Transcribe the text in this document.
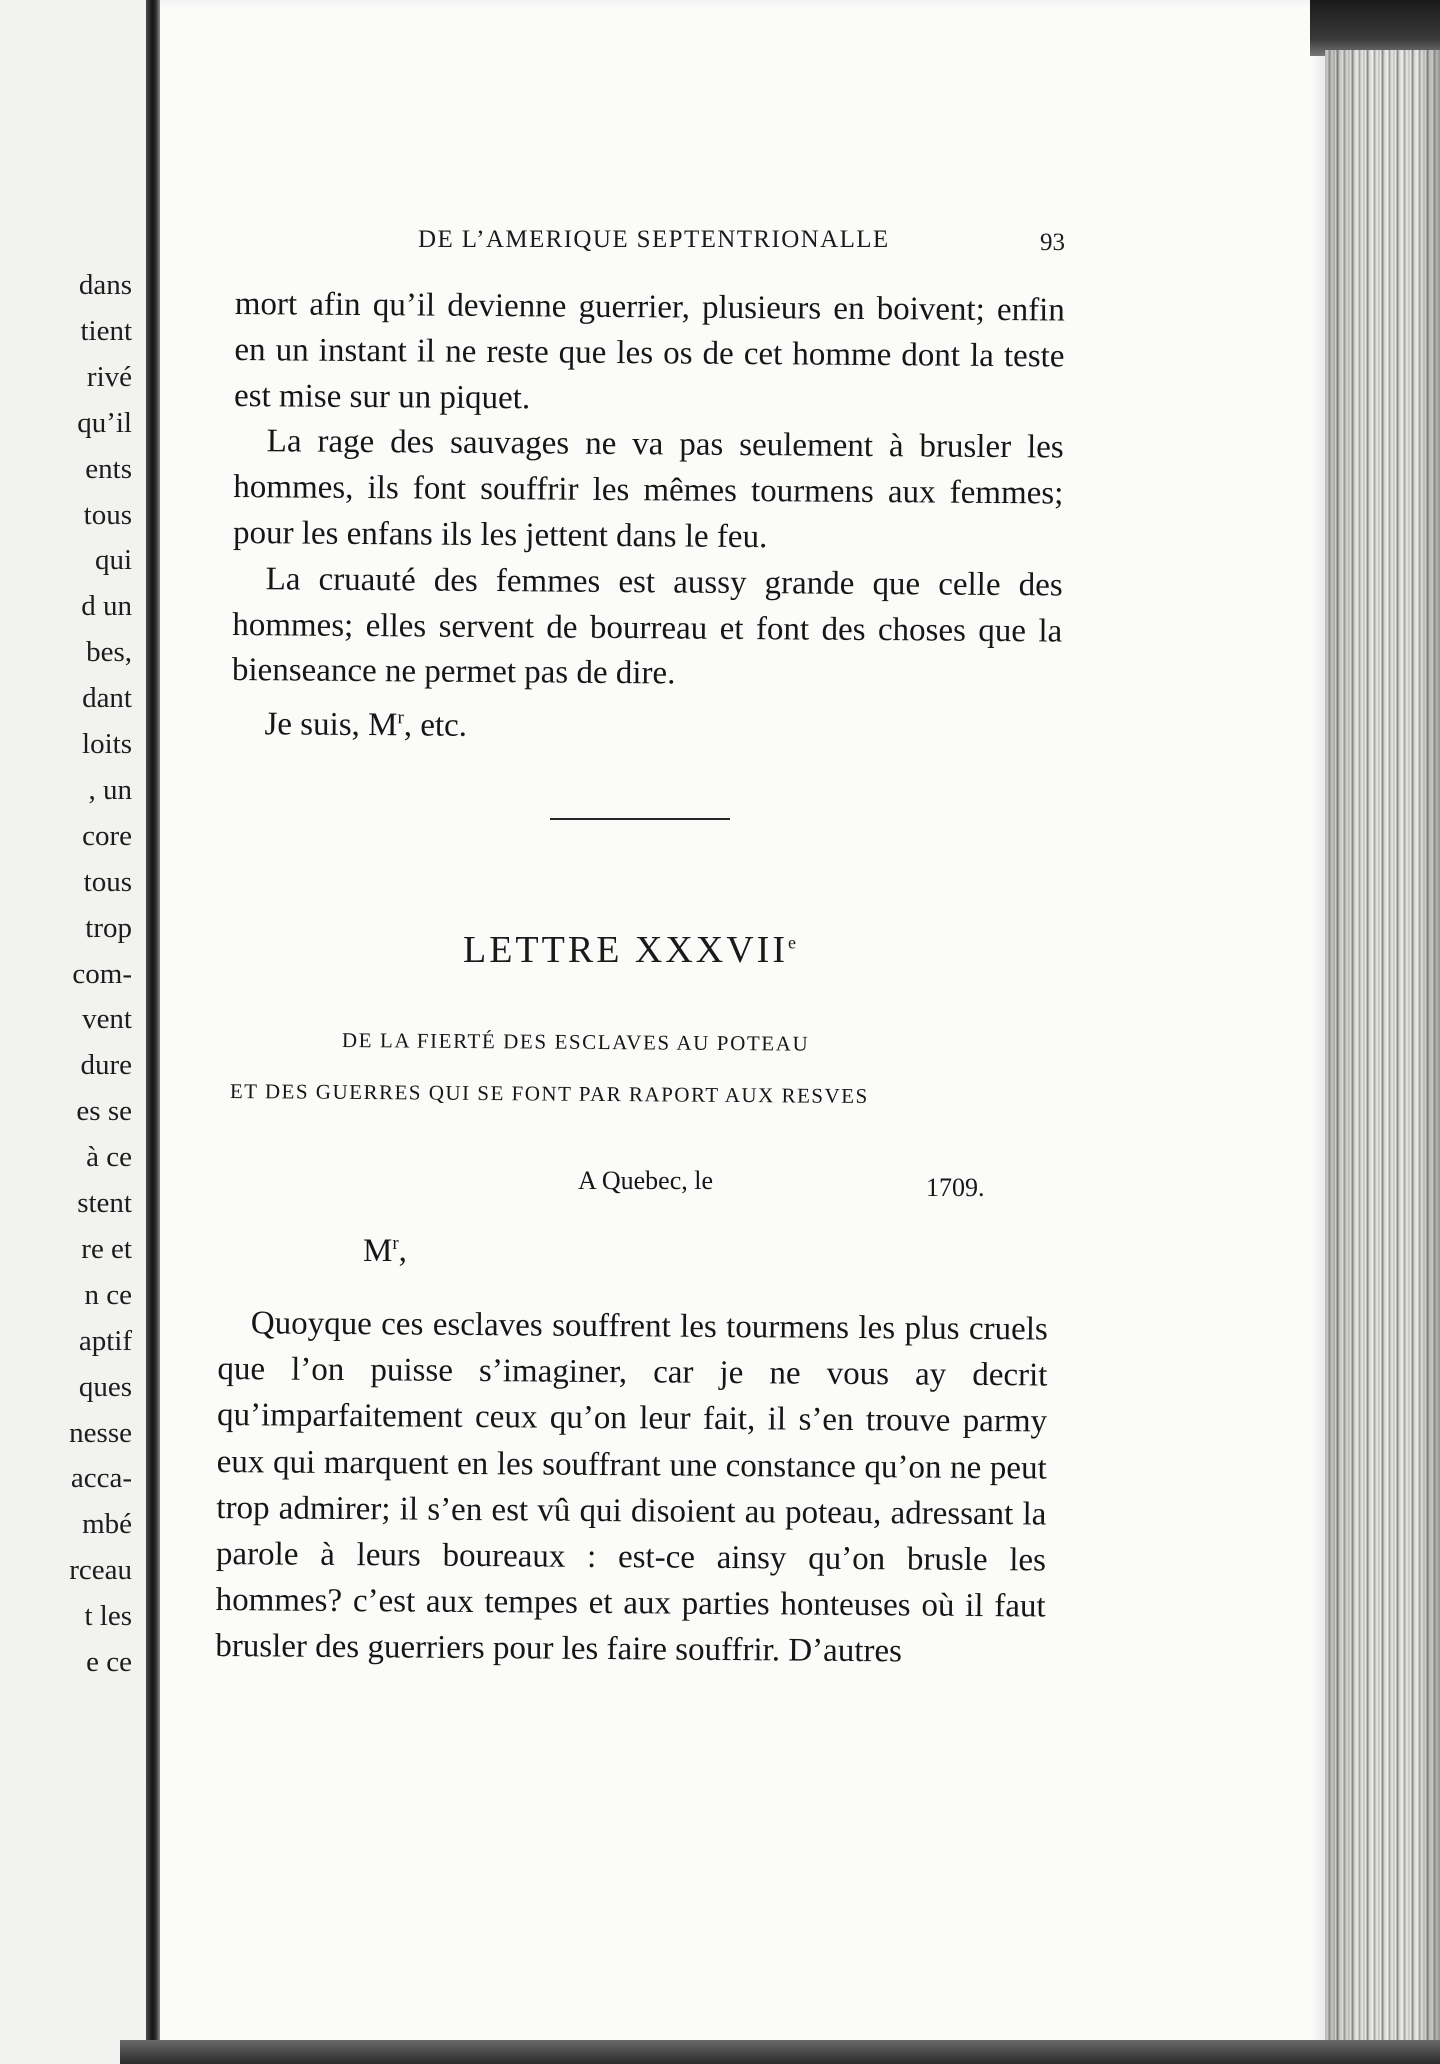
dans
tient
rivé
qu’il
ents
tous
qui
d un
bes,
dant
loits
, un
core
tous
trop
com-
vent
dure
es se
à ce
stent
re et
n ce
aptif
ques
nesse
acca-
mbé
rceau
t les
e ce
DE L’AMERIQUE SEPTENTRIONALLE	93

mort afin qu’il devienne guerrier, plusieurs en boivent; enfin en un instant il ne reste que les os de cet homme dont la teste est mise sur un piquet.

La rage des sauvages ne va pas seulement à brusler les hommes, ils font souffrir les mêmes tourmens aux femmes; pour les enfans ils les jettent dans le feu.

La cruauté des femmes est aussy grande que celle des hommes; elles servent de bourreau et font des choses que la bienseance ne permet pas de dire.

Je suis, $M^r$, etc.

LETTRE XXXVIIe
DE LA FIERTÉ DES ESCLAVES AU POTEAU
ET DES GUERRES QUI SE FONT PAR RAPORT AUX RESVES
A Quebec, le	1709.
$M^r$,

Quoyque ces esclaves souffrent les tourmens les plus cruels que l’on puisse s’imaginer, car je ne vous ay decrit qu’imparfaitement ceux qu’on leur fait, il s’en trouve parmy eux qui marquent en les souffrant une constance qu’on ne peut trop admirer; il s’en est vû qui disoient au poteau, adressant la parole à leurs boureaux : est-ce ainsy qu’on brusle les hommes? c’est aux tempes et aux parties honteuses où il faut brusler des guerriers pour les faire souffrir. D’autres
